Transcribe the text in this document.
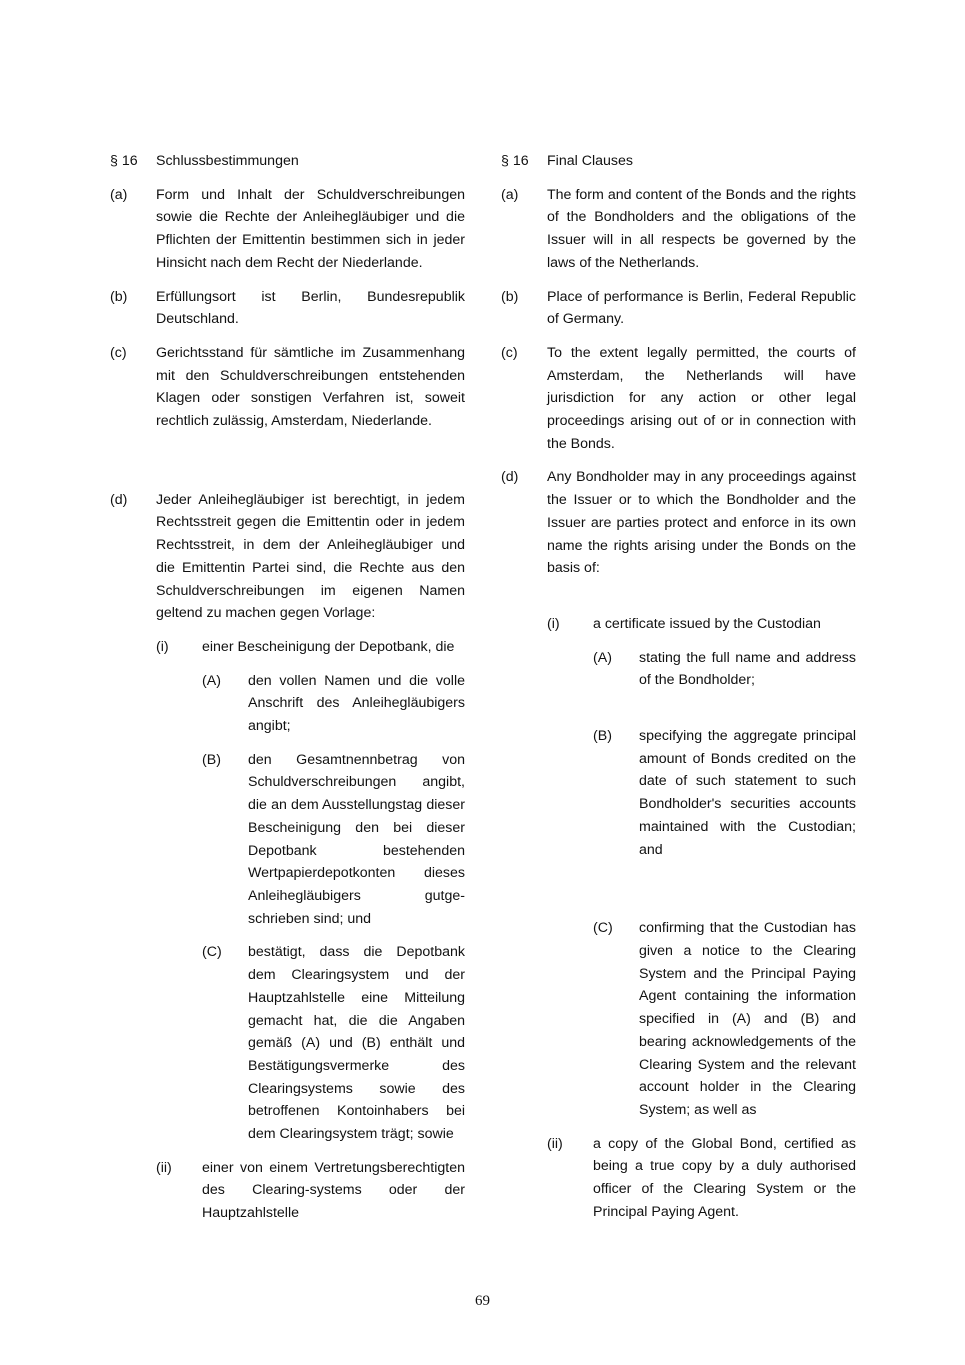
§ 16 Schlussbestimmungen
(a) Form und Inhalt der Schuldverschreibungen sowie die Rechte der Anleihegläubiger und die Pflichten der Emittentin bestimmen sich in jeder Hinsicht nach dem Recht der Niederlande.
(b) Erfüllungsort ist Berlin, Bundesrepublik Deutschland.
(c) Gerichtsstand für sämtliche im Zusammenhang mit den Schuldverschreibungen entstehenden Klagen oder sonstigen Verfahren ist, soweit rechtlich zulässig, Amsterdam, Niederlande.
(d) Jeder Anleihegläubiger ist berechtigt, in jedem Rechtsstreit gegen die Emittentin oder in jedem Rechtsstreit, in dem der Anleihegläubiger und die Emittentin Partei sind, die Rechte aus den Schuldverschreibungen im eigenen Namen geltend zu machen gegen Vorlage:
(i) einer Bescheinigung der Depotbank, die
(A) den vollen Namen und die volle Anschrift des Anleihegläubigers angibt;
(B) den Gesamtnennbetrag von Schuldverschreibungen angibt, die an dem Ausstellungstag dieser Bescheinigung den bei dieser Depotbank bestehenden Wertpapierdepotkonten dieses Anleihegläubigers gutge-schrieben sind; und
(C) bestätigt, dass die Depotbank dem Clearingsystem und der Hauptzahlstelle eine Mitteilung gemacht hat, die die Angaben gemäß (A) und (B) enthält und Bestätigungsvermerke des Clearingsystems sowie des betroffenen Kontoinhabers bei dem Clearingsystem trägt; sowie
(ii) einer von einem Vertretungsberechtigten des Clearing-systems oder der Hauptzahlstelle
§ 16 Final Clauses
(a) The form and content of the Bonds and the rights of the Bondholders and the obligations of the Issuer will in all respects be governed by the laws of the Netherlands.
(b) Place of performance is Berlin, Federal Republic of Germany.
(c) To the extent legally permitted, the courts of Amsterdam, the Netherlands will have jurisdiction for any action or other legal proceedings arising out of or in connection with the Bonds.
(d) Any Bondholder may in any proceedings against the Issuer or to which the Bondholder and the Issuer are parties protect and enforce in its own name the rights arising under the Bonds on the basis of:
(i) a certificate issued by the Custodian
(A) stating the full name and address of the Bondholder;
(B) specifying the aggregate principal amount of Bonds credited on the date of such statement to such Bondholder's securities accounts maintained with the Custodian; and
(C) confirming that the Custodian has given a notice to the Clearing System and the Principal Paying Agent containing the information specified in (A) and (B) and bearing acknowledgements of the Clearing System and the relevant account holder in the Clearing System; as well as
(ii) a copy of the Global Bond, certified as being a true copy by a duly authorised officer of the Clearing System or the Principal Paying Agent.
69
